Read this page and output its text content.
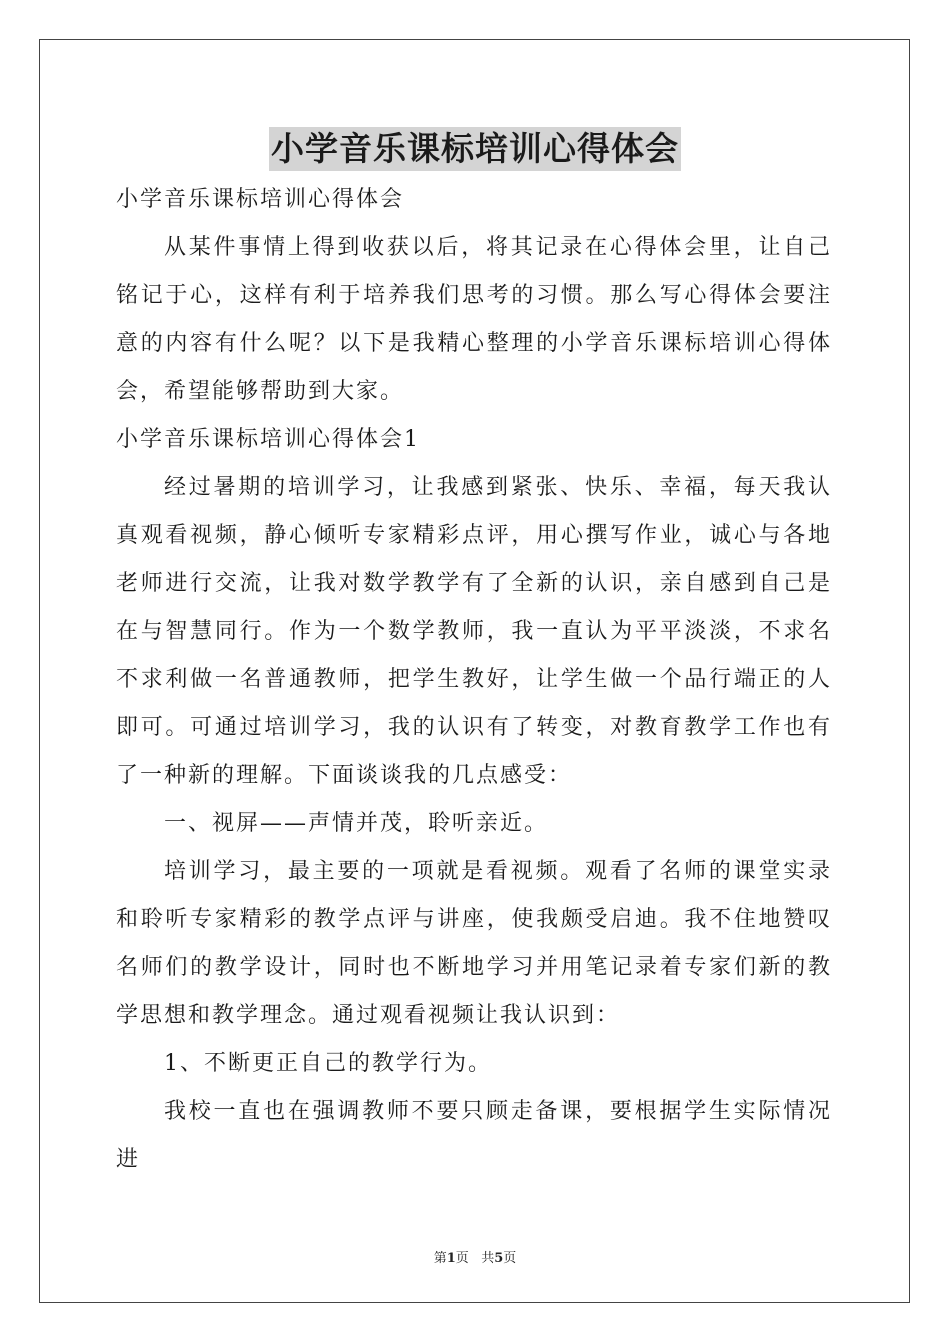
小学音乐课标培训心得体会

小学音乐课标培训心得体会

从某件事情上得到收获以后，将其记录在心得体会里，让自己铭记于心，这样有利于培养我们思考的习惯。那么写心得体会要注意的内容有什么呢？以下是我精心整理的小学音乐课标培训心得体会，希望能够帮助到大家。

小学音乐课标培训心得体会1

经过暑期的培训学习，让我感到紧张、快乐、幸福，每天我认真观看视频，静心倾听专家精彩点评，用心撰写作业，诚心与各地老师进行交流，让我对数学教学有了全新的认识，亲自感到自己是在与智慧同行。作为一个数学教师，我一直认为平平淡淡，不求名不求利做一名普通教师，把学生教好，让学生做一个品行端正的人即可。可通过培训学习，我的认识有了转变，对教育教学工作也有了一种新的理解。下面谈谈我的几点感受：

一、视屏——声情并茂，聆听亲近。

培训学习，最主要的一项就是看视频。观看了名师的课堂实录和聆听专家精彩的教学点评与讲座，使我颇受启迪。我不住地赞叹名师们的教学设计，同时也不断地学习并用笔记录着专家们新的教学思想和教学理念。通过观看视频让我认识到：

1、不断更正自己的教学行为。

我校一直也在强调教师不要只顾走备课，要根据学生实际情况进

第1页 共5页
